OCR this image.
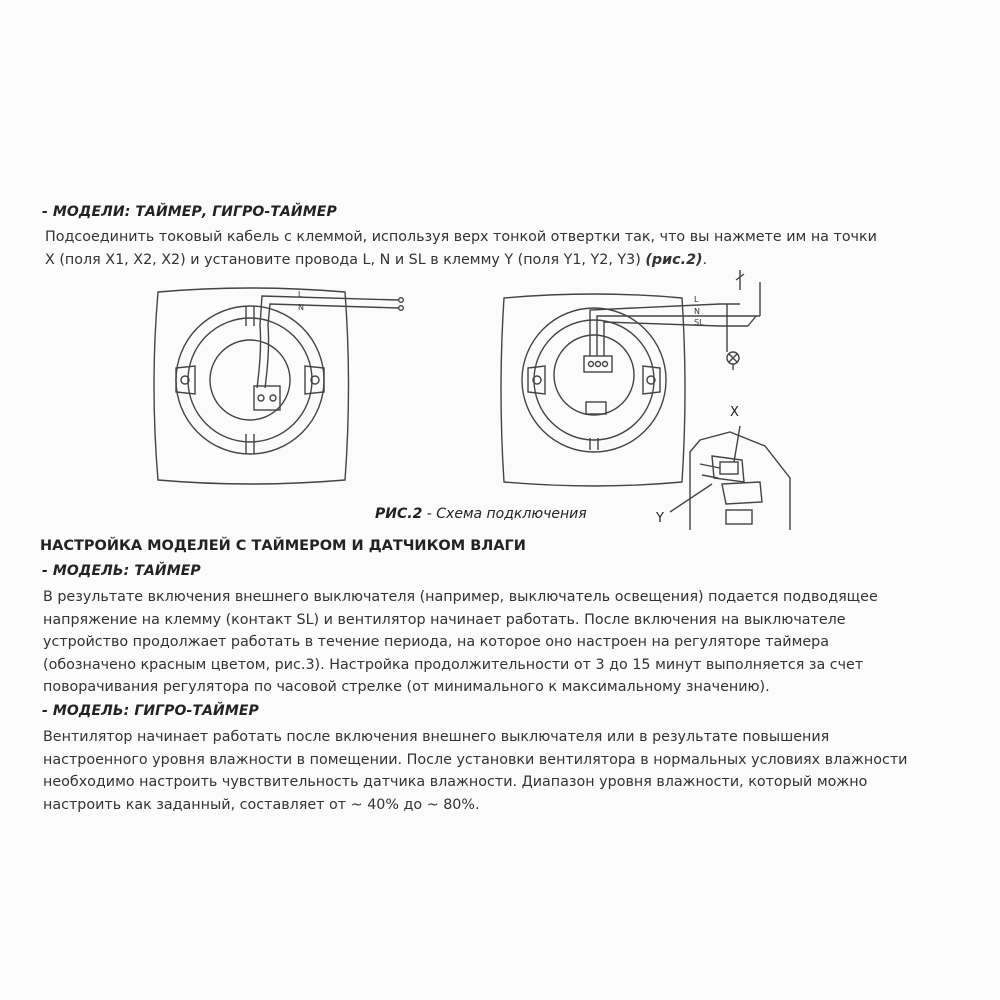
- МОДЕЛИ: ТАЙМЕР, ГИГРО-ТАЙМЕР

Подсоединить токовый кабель с клеммой, используя верх тонкой отвертки так, что вы нажмете им на точки
X (поля X1, X2, X2) и установите провода L, N и SL в клемму Y (поля Y1, Y2, Y3) (рис.2).

L
N
L
N
SL
X
Y
РИС.2 - Схема подключения
НАСТРОЙКА МОДЕЛЕЙ С ТАЙМЕРОМ И ДАТЧИКОМ ВЛАГИ
- МОДЕЛЬ: ТАЙМЕР

В результате включения внешнего выключателя (например, выключатель освещения) подается подводящее
напряжение на клемму (контакт SL) и вентилятор начинает работать. После включения на выключателе
устройство продолжает работать в течение периода, на которое оно настроен на регуляторе таймера
(обозначено красным цветом, рис.3). Настройка продолжительности от 3 до 15 минут выполняется за счет
поворачивания регулятора по часовой стрелке (от минимального к максимальному значению).

- МОДЕЛЬ: ГИГРО-ТАЙМЕР

Вентилятор начинает работать после включения внешнего выключателя или в результате повышения
настроенного уровня влажности в помещении. После установки вентилятора в нормальных условиях влажности
необходимо настроить чувствительность датчика влажности. Диапазон уровня влажности, который можно
настроить как заданный, составляет от ~ 40% до ~ 80%.
